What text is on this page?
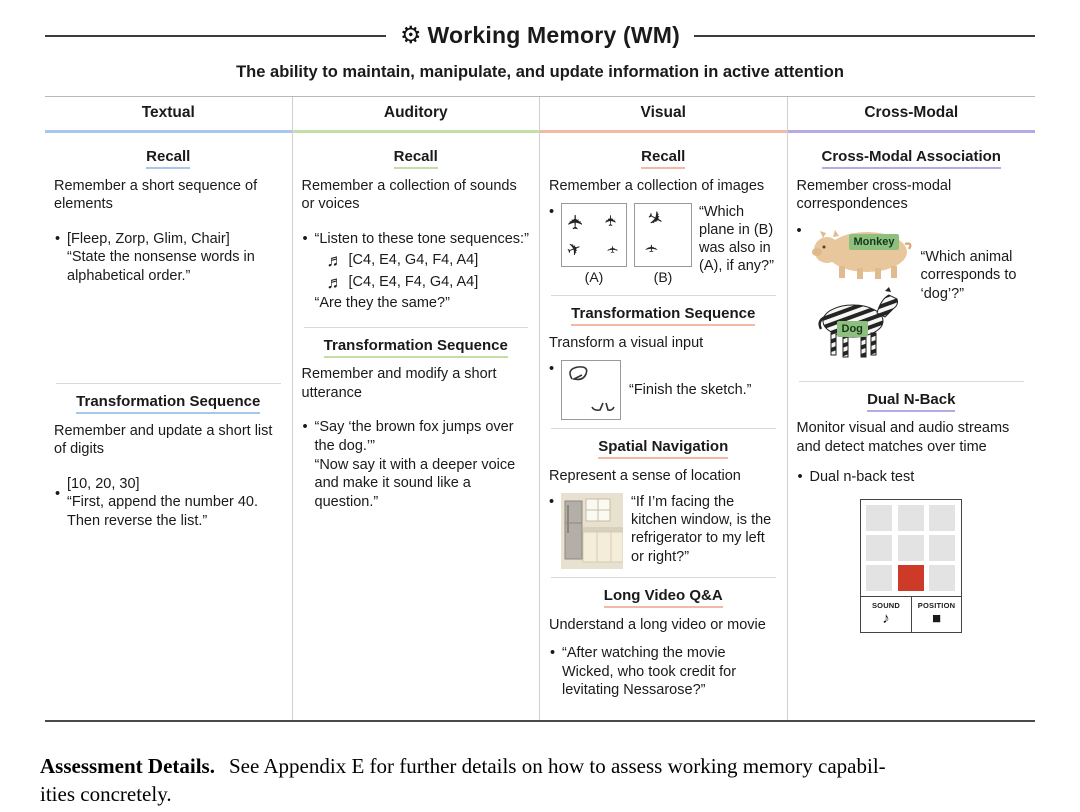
⚙ Working Memory (WM)
The ability to maintain, manipulate, and update information in active attention
Textual
Recall

Remember a short sequence of elements

• [Fleep, Zorp, Glim, Chair]
“State the nonsense words in alphabetical order.”
Transformation Sequence

Remember and update a short list of digits

• [10, 20, 30]
“First, append the number 40. Then reverse the list.”
Auditory
Recall

Remember a collection of sounds or voices

• “Listen to these tone sequences:”
♬ [C4, E4, G4, F4, A4]
♬ [C4, E4, F4, G4, A4]
“Are they the same?”
Transformation Sequence

Remember and modify a short utterance

• “Say ‘the brown fox jumps over the dog.’”
“Now say it with a deeper voice and make it sound like a question.”
Visual
Recall

Remember a collection of images

•
✈ ✈
✈ ✈
(A)
✈
✈
(B)
“Which plane in (B) was also in (A), if any?”
Transformation Sequence

Transform a visual input

•
“Finish the sketch.”
Spatial Navigation

Represent a sense of location

•	“If I’m facing the kitchen window, is the refrigerator to my left or right?”
Long Video Q&A

Understand a long video or movie

• “After watching the movie Wicked, who took credit for levitating Nessarose?”
Cross-Modal
Cross-Modal Association

Remember cross-modal correspondences

•
Monkey
Dog
“Which animal corresponds to ‘dog’?”
Dual N-Back

Monitor visual and audio streams and detect matches over time

• Dual n-back test
SOUND
♪
POSITION
■

Assessment Details. See Appendix E for further details on how to assess working memory capabil-
ities concretely.
